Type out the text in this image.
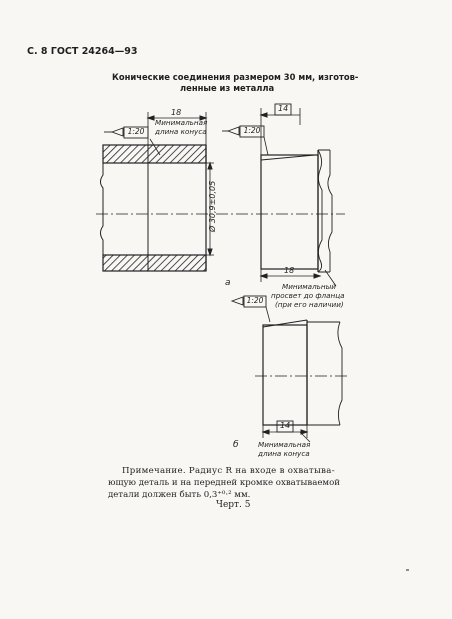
С. 8 ГОСТ 24264—93
Конические соединения размером 30 мм, изготов-
ленные из металла
1:20	1:20
18	14
18
Ø 30,9±0,05
Минимальная
длина конуса
Минимальный
просвет до фланца
(при его наличии)
а
1:20
14
Минимальная
длина конуса
б
Примечание. Радиус R на входе в охватыва-
ющую деталь и на передней кромке охватываемой
детали должен быть 0,3⁺⁰·² мм.
Черт. 5
